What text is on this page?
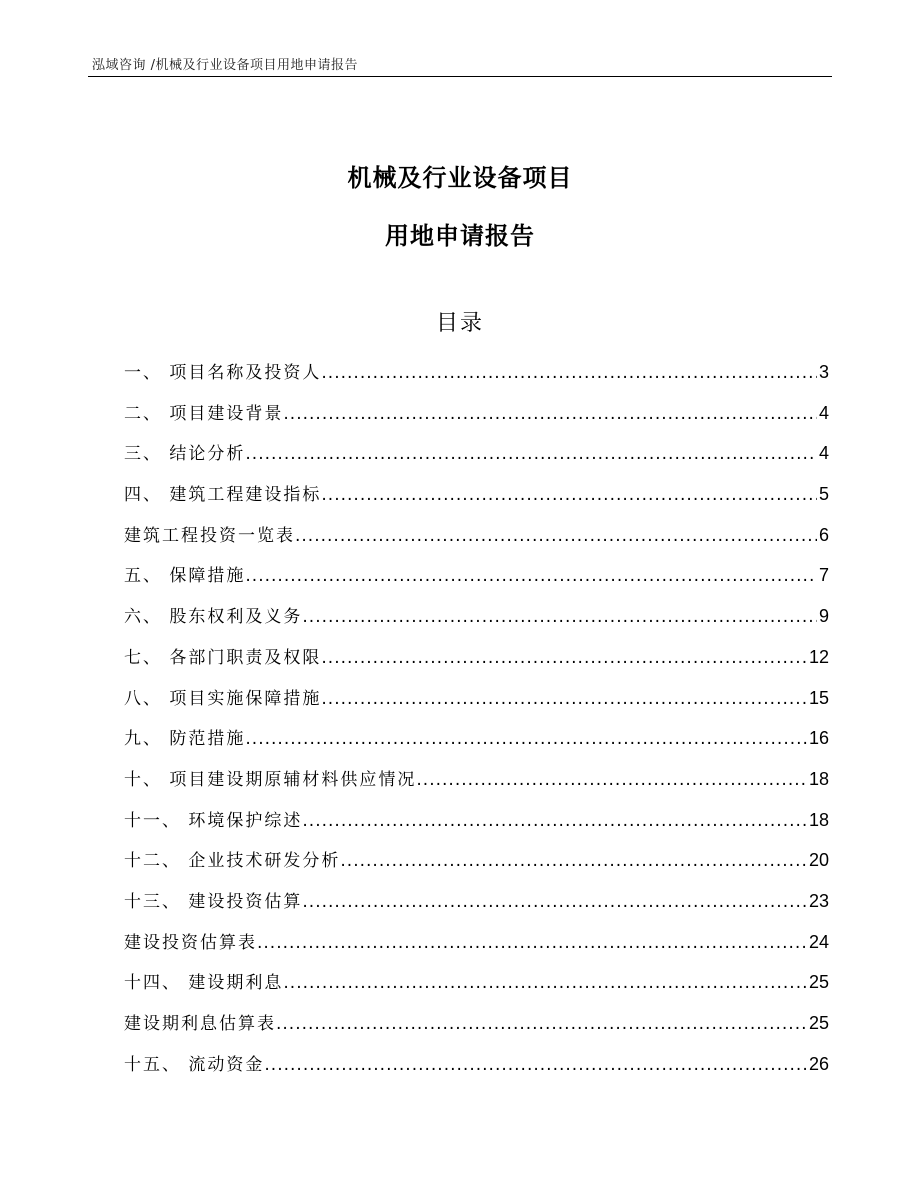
泓域咨询 /机械及行业设备项目用地申请报告
机械及行业设备项目
用地申请报告
目录
一、 项目名称及投资人 .....	3
二、 项目建设背景 .....	4
三、 结论分析 .....	4
四、 建筑工程建设指标 .....	5
建筑工程投资一览表 .....	6
五、 保障措施 .....	7
六、 股东权利及义务 .....	9
七、 各部门职责及权限 .....	12
八、 项目实施保障措施 .....	15
九、 防范措施 .....	16
十、 项目建设期原辅材料供应情况 .....	18
十一、 环境保护综述 .....	18
十二、 企业技术研发分析 .....	20
十三、 建设投资估算 .....	23
建设投资估算表 .....	24
十四、 建设期利息 .....	25
建设期利息估算表 .....	25
十五、 流动资金 .....	26
